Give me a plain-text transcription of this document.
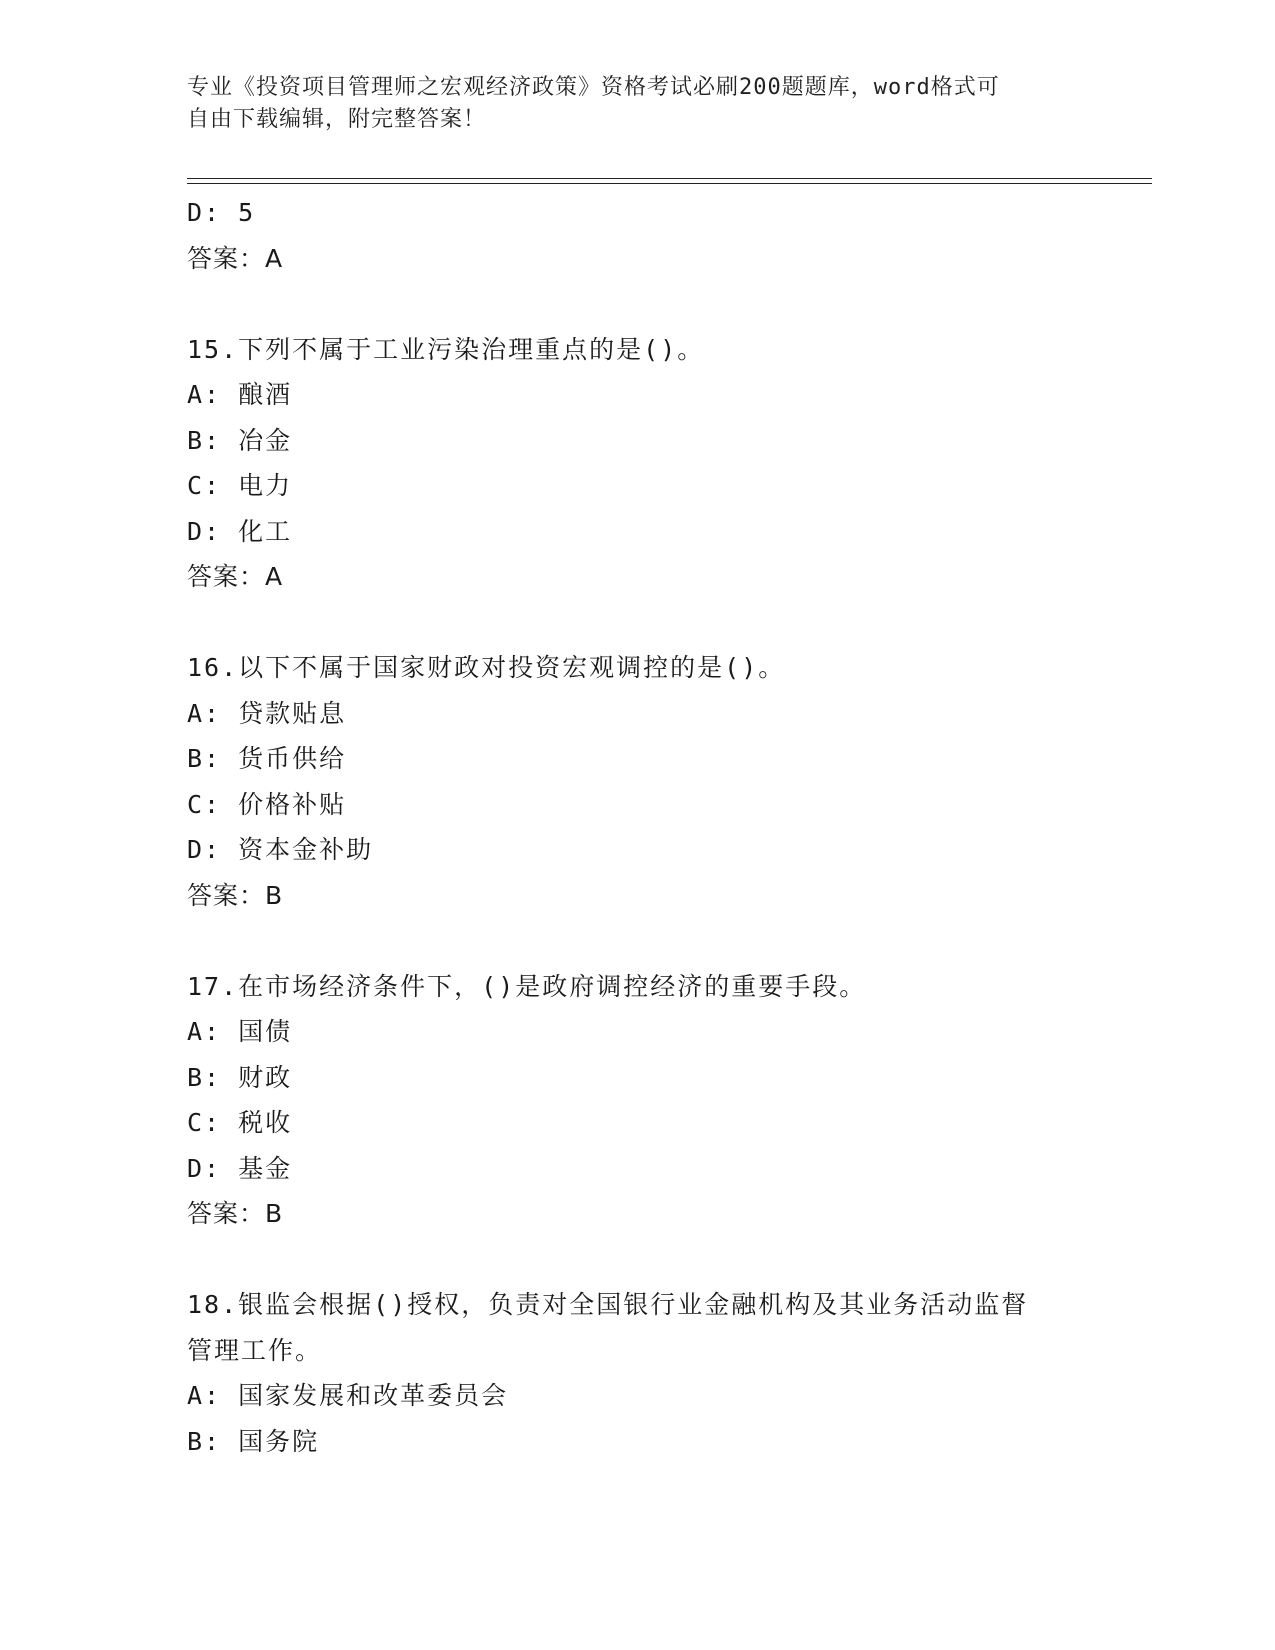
专业《投资项目管理师之宏观经济政策》资格考试必刷200题题库，word格式可
自由下载编辑，附完整答案！
D: 5
答案：A
15.下列不属于工业污染治理重点的是()。
A: 酿酒
B: 冶金
C: 电力
D: 化工
答案：A
16.以下不属于国家财政对投资宏观调控的是()。
A: 贷款贴息
B: 货币供给
C: 价格补贴
D: 资本金补助
答案：B
17.在市场经济条件下，()是政府调控经济的重要手段。
A: 国债
B: 财政
C: 税收
D: 基金
答案：B
18.银监会根据()授权，负责对全国银行业金融机构及其业务活动监督
管理工作。
A: 国家发展和改革委员会
B: 国务院
